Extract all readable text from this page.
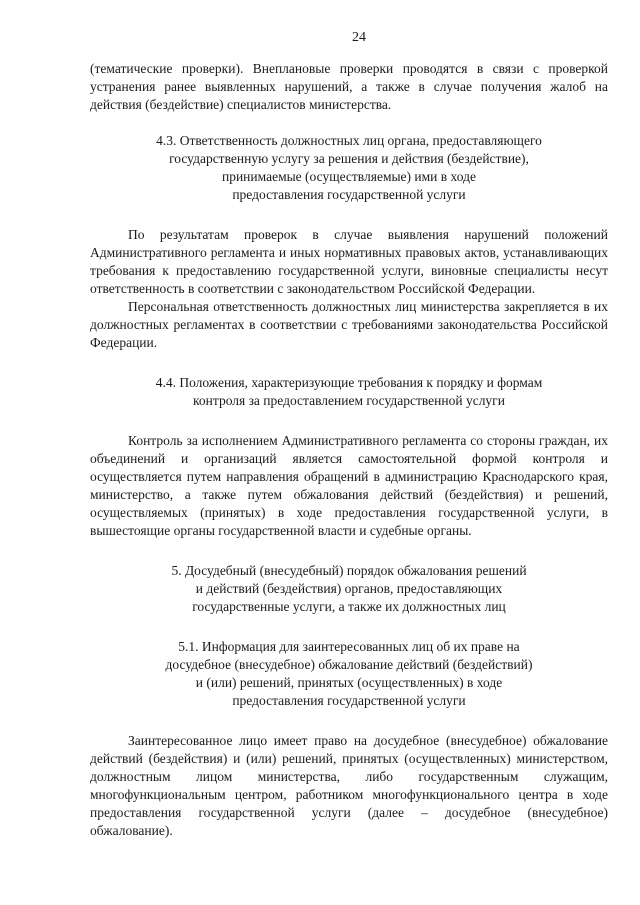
24

(тематические проверки). Внеплановые проверки проводятся в связи с проверкой устранения ранее выявленных нарушений, а также в случае получения жалоб на действия (бездействие) специалистов министерства.

4.3. Ответственность должностных лиц органа, предоставляющего
государственную услугу за решения и действия (бездействие),
принимаемые (осуществляемые) ими в ходе
предоставления государственной услуги

По результатам проверок в случае выявления нарушений положений Административного регламента и иных нормативных правовых актов, устанавливающих требования к предоставлению государственной услуги, виновные специалисты несут ответственность в соответствии с законодательством Российской Федерации.

Персональная ответственность должностных лиц министерства закрепляется в их должностных регламентах в соответствии с требованиями законодательства Российской Федерации.

4.4. Положения, характеризующие требования к порядку и формам
контроля за предоставлением государственной услуги

Контроль за исполнением Административного регламента со стороны граждан, их объединений и организаций является самостоятельной формой контроля и осуществляется путем направления обращений в администрацию Краснодарского края, министерство, а также путем обжалования действий (бездействия) и решений, осуществляемых (принятых) в ходе предоставления государственной услуги, в вышестоящие органы государственной власти и судебные органы.

5. Досудебный (внесудебный) порядок обжалования решений
и действий (бездействия) органов, предоставляющих
государственные услуги, а также их должностных лиц
5.1. Информация для заинтересованных лиц об их праве на
досудебное (внесудебное) обжалование действий (бездействий)
и (или) решений, принятых (осуществленных) в ходе
предоставления государственной услуги

Заинтересованное лицо имеет право на досудебное (внесудебное) обжалование действий (бездействия) и (или) решений, принятых (осуществленных) министерством, должностным лицом министерства, либо государственным служащим, многофункциональным центром, работником многофункционального центра в ходе предоставления государственной услуги (далее – досудебное (внесудебное) обжалование).
